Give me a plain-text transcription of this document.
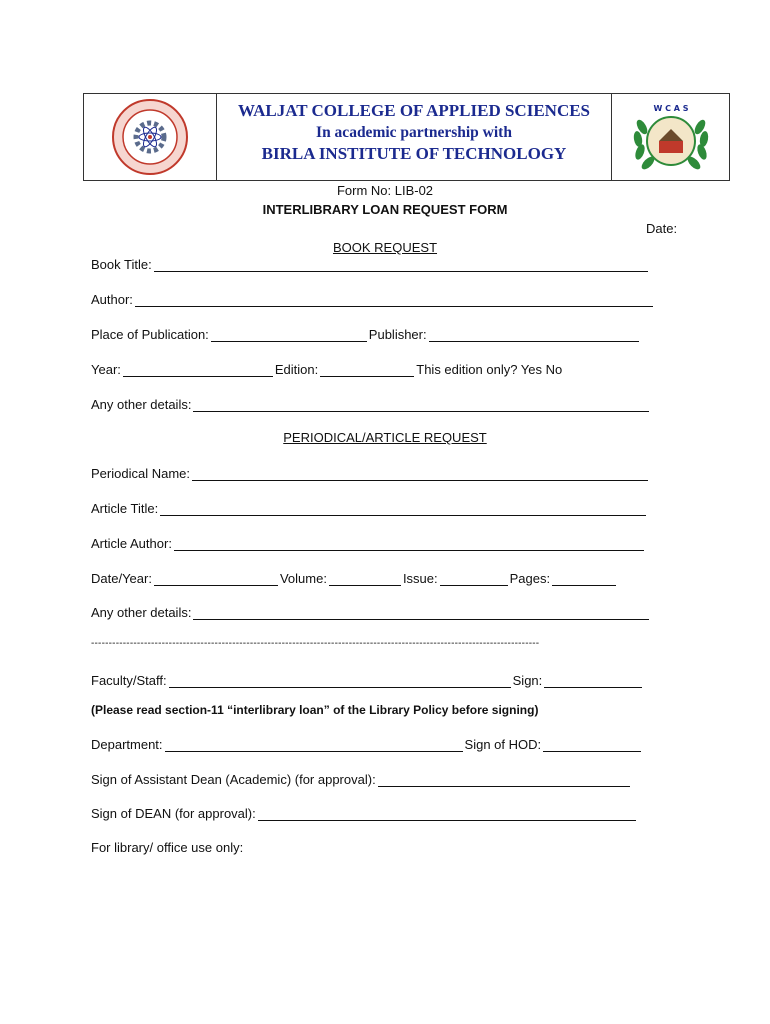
WALJAT COLLEGE OF APPLIED SCIENCES
In academic partnership with
BIRLA INSTITUTE OF TECHNOLOGY
W C A S
Form No: LIB-02
INTERLIBRARY LOAN REQUEST FORM
Date:
BOOK REQUEST
Book Title:
Author:
Place of Publication:	Publisher:
Year:	Edition:	This edition only? Yes No
Any other details:
PERIODICAL/ARTICLE REQUEST
Periodical Name:
Article Title:
Article Author:
Date/Year:	Volume:	Issue:	Pages:
Any other details:
-------------------------------------------------------------------------------------------------------------------------------
Faculty/Staff:	Sign:
(Please read section-11 “interlibrary loan” of the Library Policy before signing)
Department:	Sign of HOD:
Sign of Assistant Dean (Academic) (for approval):
Sign of DEAN (for approval):
For library/ office use only:
